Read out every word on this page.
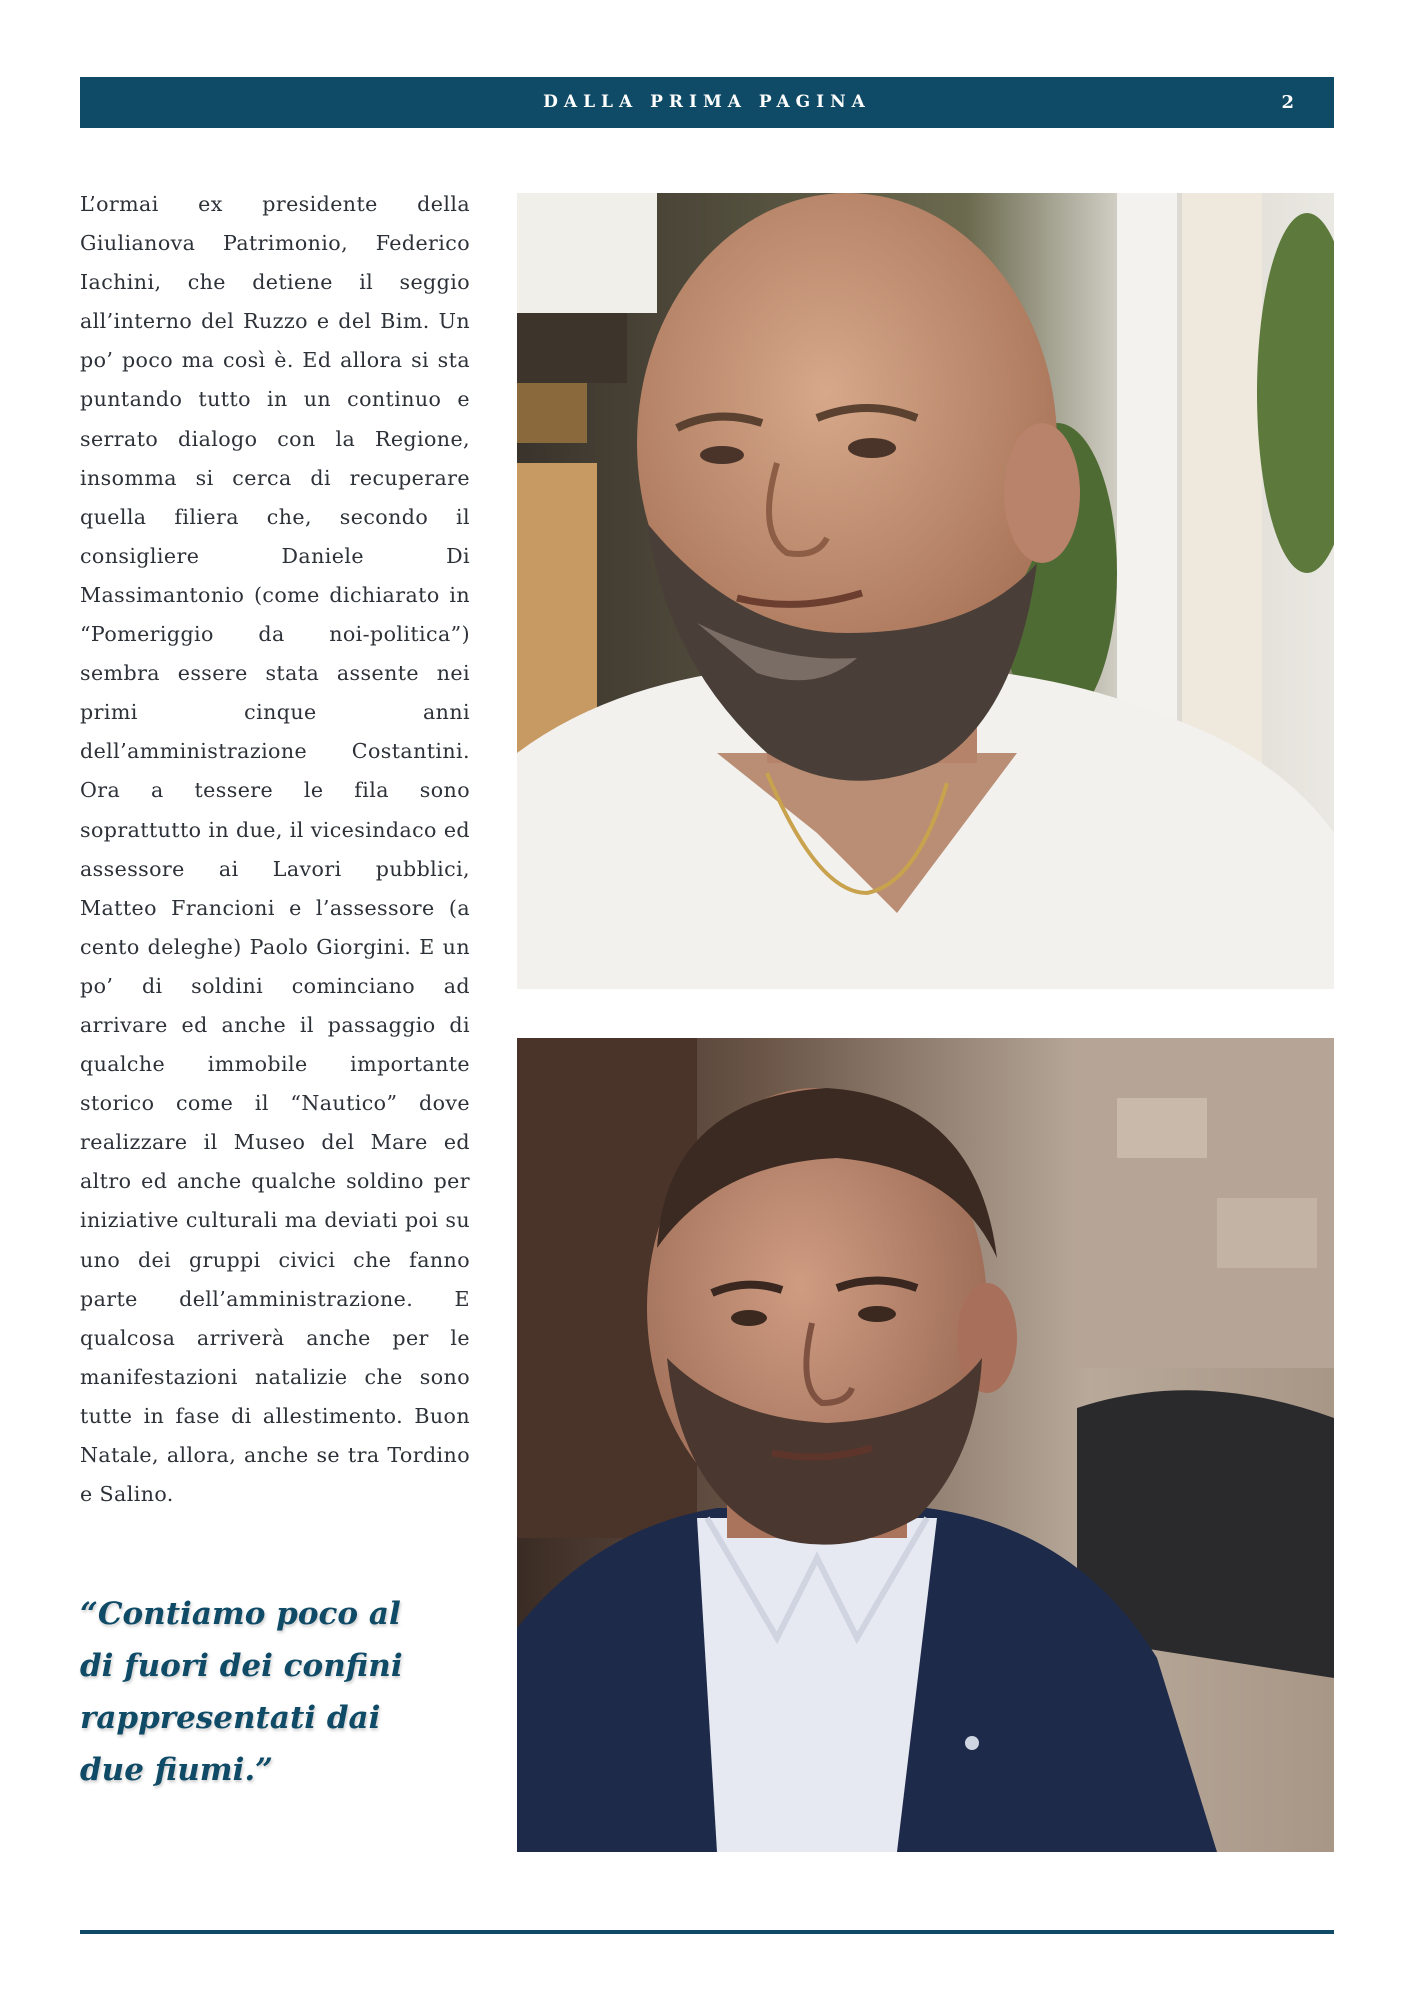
DALLA PRIMA PAGINA	2

L’ormai ex presidente della Giulianova Patrimonio, Federico Iachini, che detiene il seggio all’interno del Ruzzo e del Bim. Un po’ poco ma così è. Ed allora si sta puntando tutto in un continuo e serrato dialogo con la Regione, insomma si cerca di recuperare quella filiera che, secondo il consigliere Daniele Di Massimantonio (come dichiarato in “Pomeriggio da noi-politica”) sembra essere stata assente nei primi cinque anni dell’amministrazione Costantini. Ora a tessere le fila sono soprattutto in due, il vicesindaco ed assessore ai Lavori pubblici, Matteo Francioni e l’assessore (a cento deleghe) Paolo Giorgini. E un po’ di soldini cominciano ad arrivare ed anche il passaggio di qualche immobile importante storico come il “Nautico” dove realizzare il Museo del Mare ed altro ed anche qualche soldino per iniziative culturali ma deviati poi su uno dei gruppi civici che fanno parte dell’amministrazione. E qualcosa arriverà anche per le manifestazioni natalizie che sono tutte in fase di allestimento. Buon Natale, allora, anche se tra Tordino e Salino.

“Contiamo poco al di fuori dei confini rappresentati dai due fiumi.”
